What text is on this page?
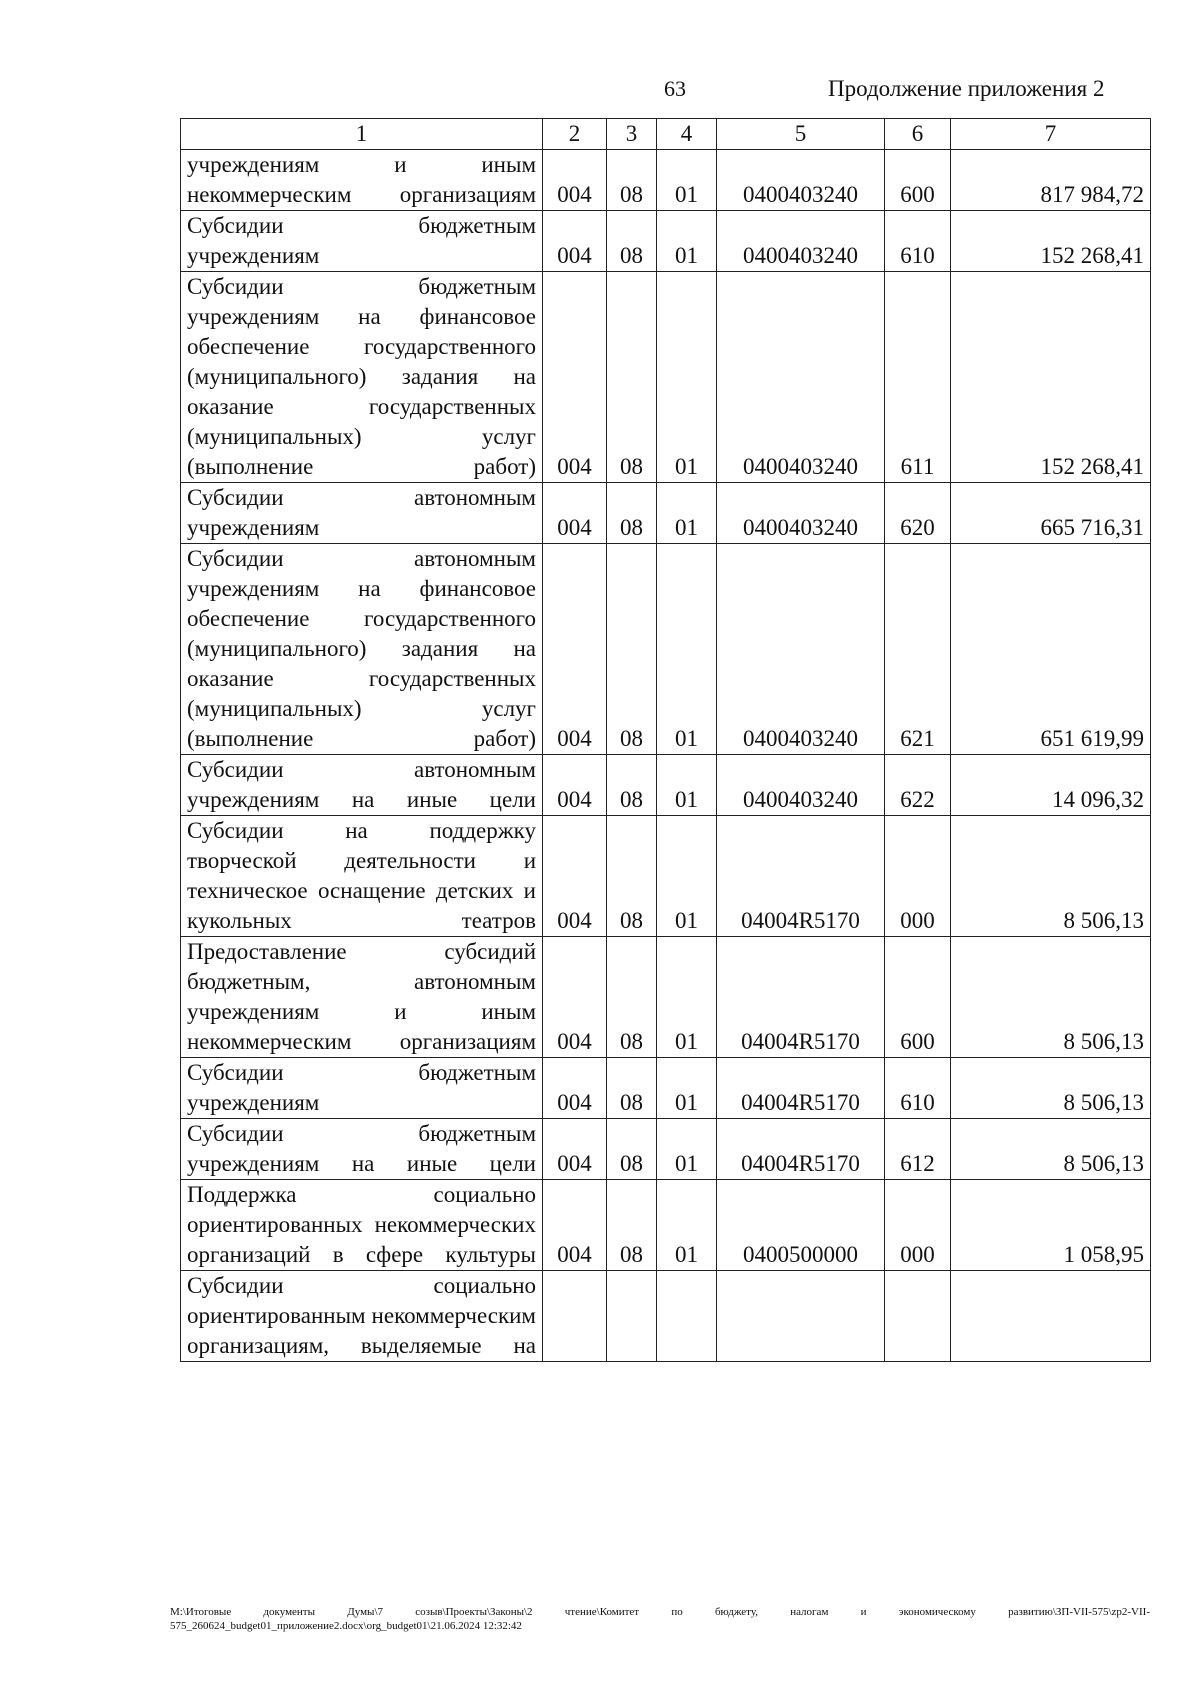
63	Продолжение приложения 2
1	2	3	4	5	6	7
учреждениям и иным некоммерческим организациям	004	08	01	0400403240	600	817 984,72
Субсидии бюджетным учреждениям	004	08	01	0400403240	610	152 268,41
Субсидии бюджетным учреждениям на финансовое обеспечение государственного (муниципального) задания на оказание государственных (муниципальных) услуг (выполнение работ)	004	08	01	0400403240	611	152 268,41
Субсидии автономным учреждениям	004	08	01	0400403240	620	665 716,31
Субсидии автономным учреждениям на финансовое обеспечение государственного (муниципального) задания на оказание государственных (муниципальных) услуг (выполнение работ)	004	08	01	0400403240	621	651 619,99
Субсидии автономным учреждениям на иные цели	004	08	01	0400403240	622	14 096,32
Субсидии на поддержку творческой деятельности и техническое оснащение детских и кукольных театров	004	08	01	04004R5170	000	8 506,13
Предоставление субсидий бюджетным, автономным учреждениям и иным некоммерческим организациям	004	08	01	04004R5170	600	8 506,13
Субсидии бюджетным учреждениям	004	08	01	04004R5170	610	8 506,13
Субсидии бюджетным учреждениям на иные цели	004	08	01	04004R5170	612	8 506,13
Поддержка социально ориентированных некоммерческих организаций в сфере культуры	004	08	01	0400500000	000	1 058,95
Субсидии социально ориентированным некоммерческим организациям, выделяемые на						
M:\Итоговые документы Думы\7 созыв\Проекты\Законы\2 чтение\Комитет по бюджету, налогам и экономическому развитию\ЗП-VII-575\zp2-VII-575_260624_budget01_приложение2.docx\org_budget01\21.06.2024 12:32:42
